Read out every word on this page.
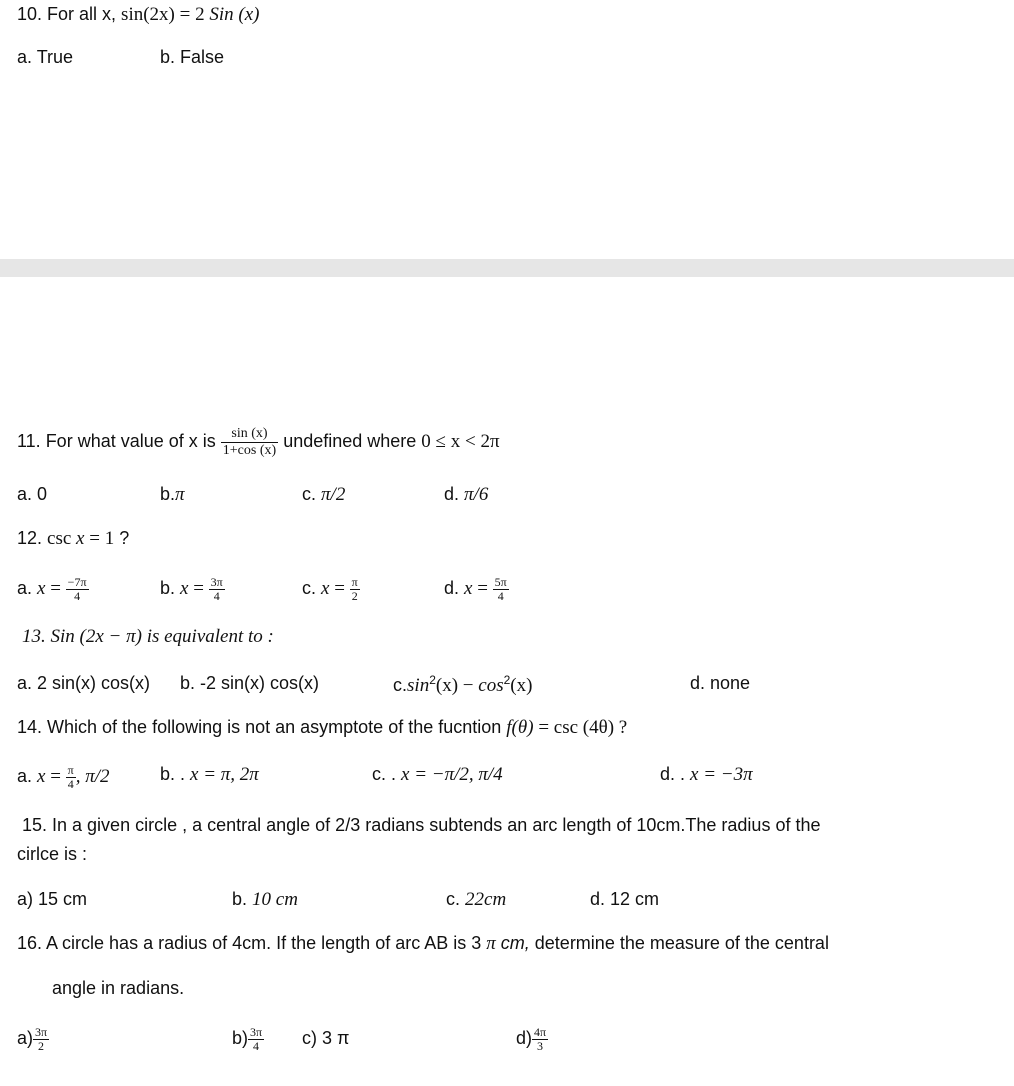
10. For all x, sin(2x) = 2 Sin (x)
a. True	b. False
11. For what value of x is $\frac{\sin (x)}{1+\cos (x)}$ undefined where 0 ≤ x < 2π
a. 0	b.π	c. π/2	d. π/6
12. csc x = 1 ?
a. $x = \frac{-7\pi}{4}$	b. $x = \frac{3\pi}{4}$	c. $x = \frac{\pi}{2}$	d. $x = \frac{5\pi}{4}$
13. Sin (2x − π) is equivalent to :
a. 2 sin(x) cos(x) b. -2 sin(x) cos(x)	$c.\sin^2(x) - \cos^2(x)$	d. none
14. Which of the following is not an asymptote of the fucntion f(θ) = csc (4θ) ?
a. $x = \frac{\pi}{4}$ , π/2	b. . x = π, 2π	c. . x = −π/2, π/4	d. . x = −3π
15. In a given circle , a central angle of 2/3 radians subtends an arc length of 10cm.The radius of the
cirlce is :
a) 15 cm	b. 10 cm	c. 22cm	d. 12 cm
16. A circle has a radius of 4cm. If the length of arc AB is 3 π cm, determine the measure of the central
angle in radians.
$a) \frac{3\pi}{2}$	$b) \frac{3\pi}{4} c$) 3 π	$d) \frac{4\pi}{3}$
